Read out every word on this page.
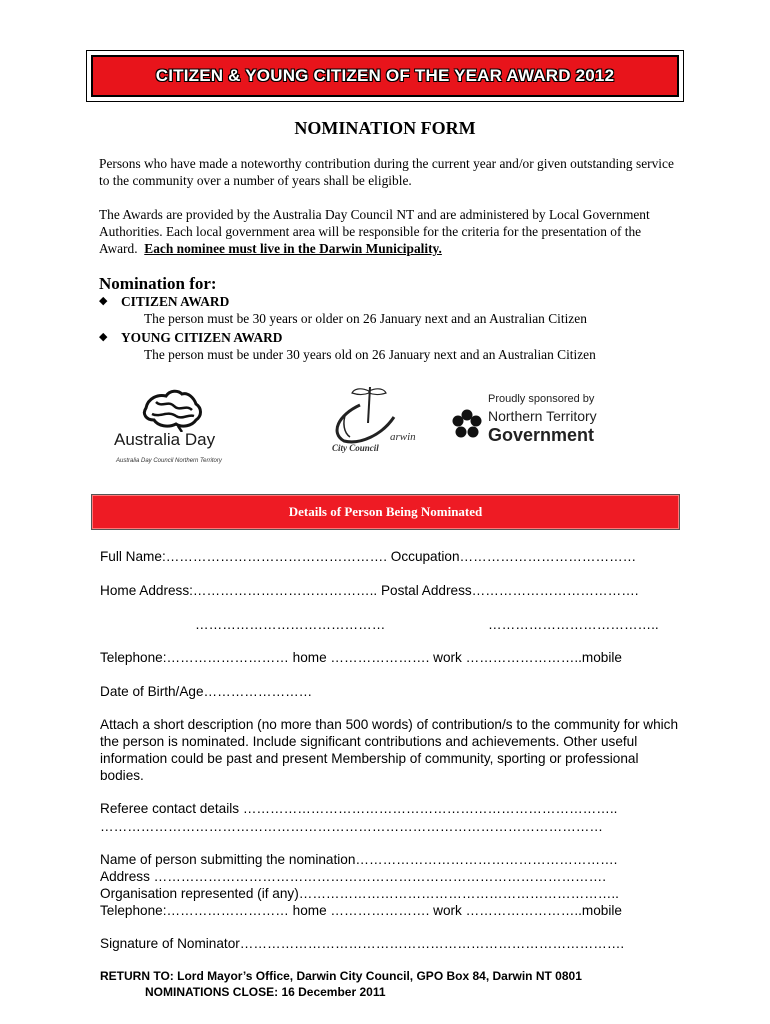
CITIZEN & YOUNG CITIZEN OF THE YEAR AWARD 2012
NOMINATION FORM

Persons who have made a noteworthy contribution during the current year and/or given outstanding service to the community over a number of years shall be eligible.

The Awards are provided by the Australia Day Council NT and are administered by Local Government Authorities. Each local government area will be responsible for the criteria for the presentation of the Award. Each nominee must live in the Darwin Municipality.

Nomination for:
◆	CITIZEN AWARD
The person must be 30 years or older on 26 January next and an Australian Citizen
◆	YOUNG CITIZEN AWARD
The person must be under 30 years old on 26 January next and an Australian Citizen
Australia Day
Australia Day Council Northern Territory
arwin
City Council
Proudly sponsored by
Northern Territory
Government
Details of Person Being Nominated
Full Name:…………………………………………. Occupation…………………………………
Home Address:………………………………….. Postal Address……………………………….
……………………………………	………………………………..
Telephone:……………………… home …………………. work ……………………..mobile
Date of Birth/Age……………………
Attach a short description (no more than 500 words) of contribution/s to the community for which the person is nominated. Include significant contributions and achievements. Other useful information could be past and present Membership of community, sporting or professional bodies.
Referee contact details ………………………………………………………………………..
…………………………………………………………………………………………………
Name of person submitting the nomination………………………………………………….
Address ……………………………………………………………………………………….
Organisation represented (if any)……………………………………………………………..
Telephone:……………………… home …………………. work ……………………..mobile
Signature of Nominator………………………………………………………………………….
RETURN TO: Lord Mayor’s Office, Darwin City Council, GPO Box 84, Darwin NT 0801
NOMINATIONS CLOSE: 16 December 2011
